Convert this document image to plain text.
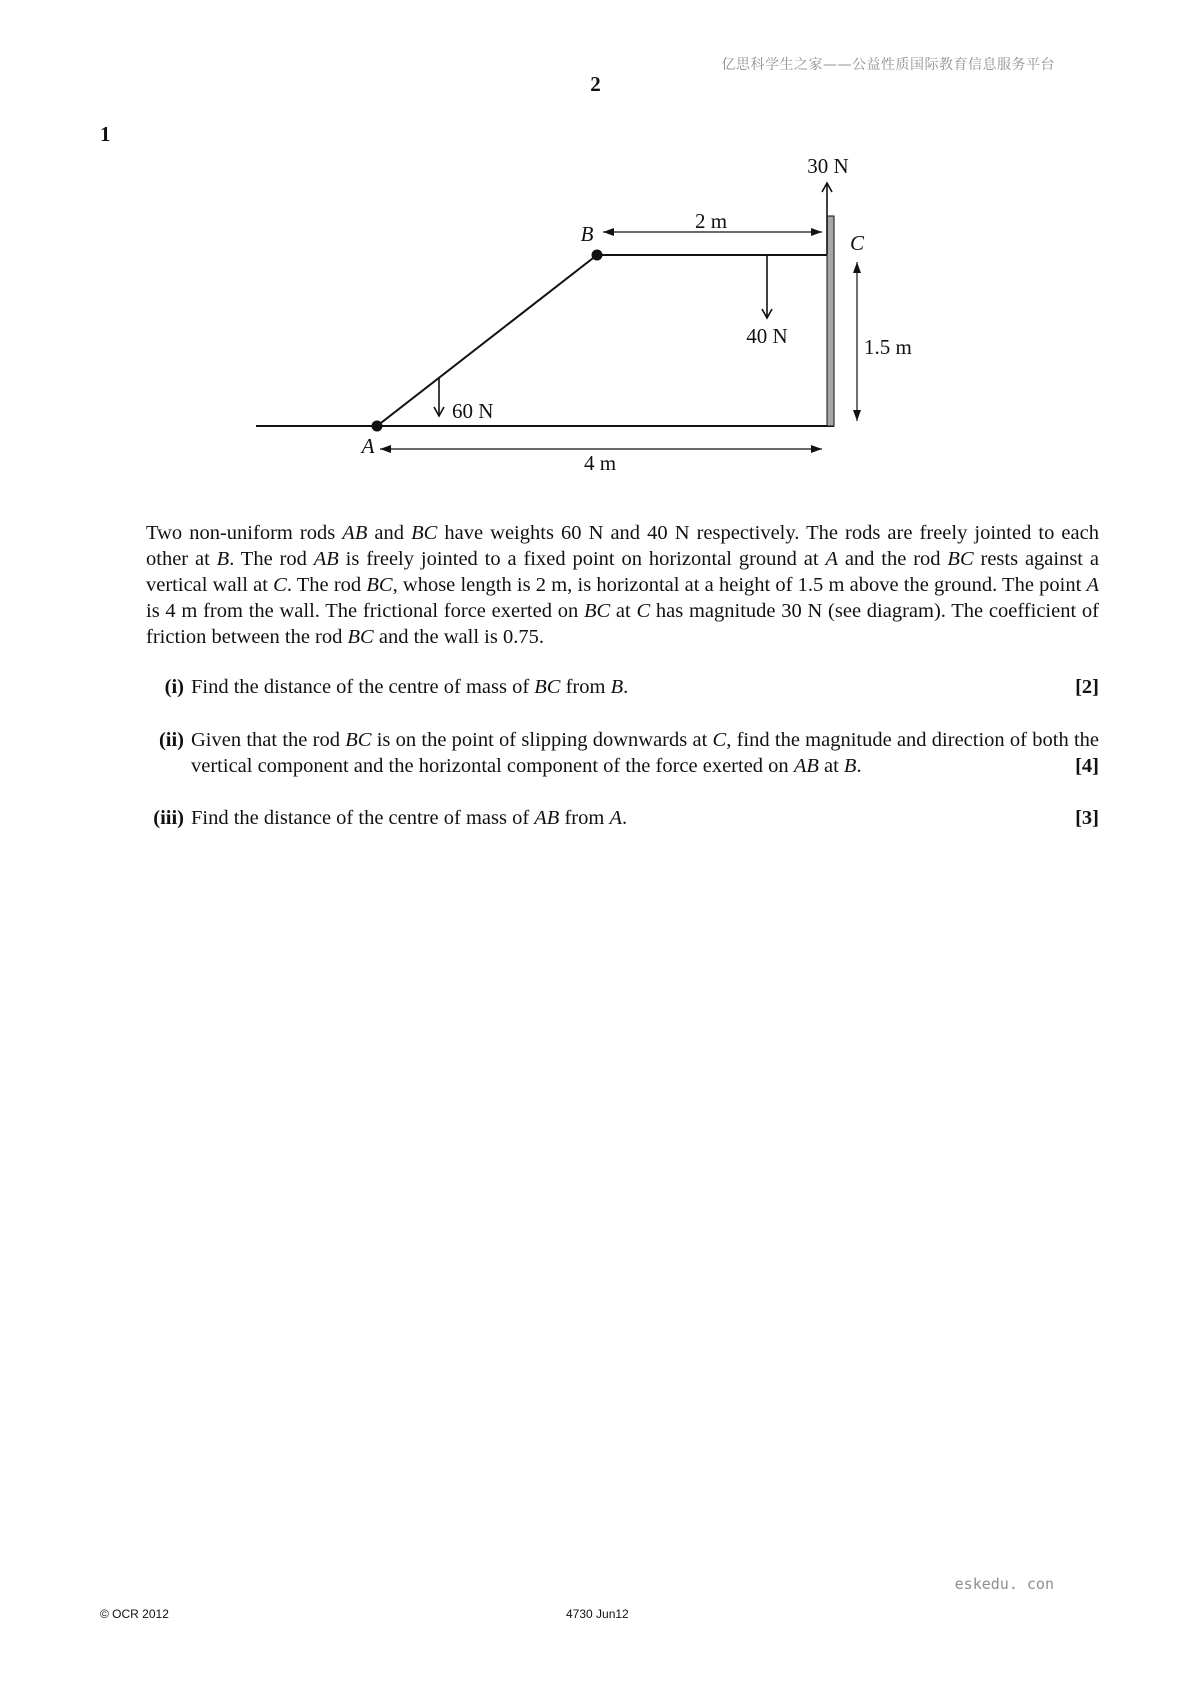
亿思科学生之家——公益性质国际教育信息服务平台
2
1
30 N
2 m
B	C
40 N	1.5 m
60 N
A
4 m
Two non-uniform rods AB and BC have weights 60 N and 40 N respectively. The rods are freely jointed to each other at B. The rod AB is freely jointed to a fixed point on horizontal ground at A and the rod BC rests against a vertical wall at C. The rod BC, whose length is 2 m, is horizontal at a height of 1.5 m above the ground. The point A is 4 m from the wall. The frictional force exerted on BC at C has magnitude 30 N (see diagram). The coefficient of friction between the rod BC and the wall is 0.75.
(i) Find the distance of the centre of mass of BC from B.	[2]
(ii) Given that the rod BC is on the point of slipping downwards at C, find the magnitude and direction of both the vertical component and the horizontal component of the force exerted on AB at B.	[4]
(iii) Find the distance of the centre of mass of AB from A.	[3]
eskedu. con
© OCR 2012	4730 Jun12
